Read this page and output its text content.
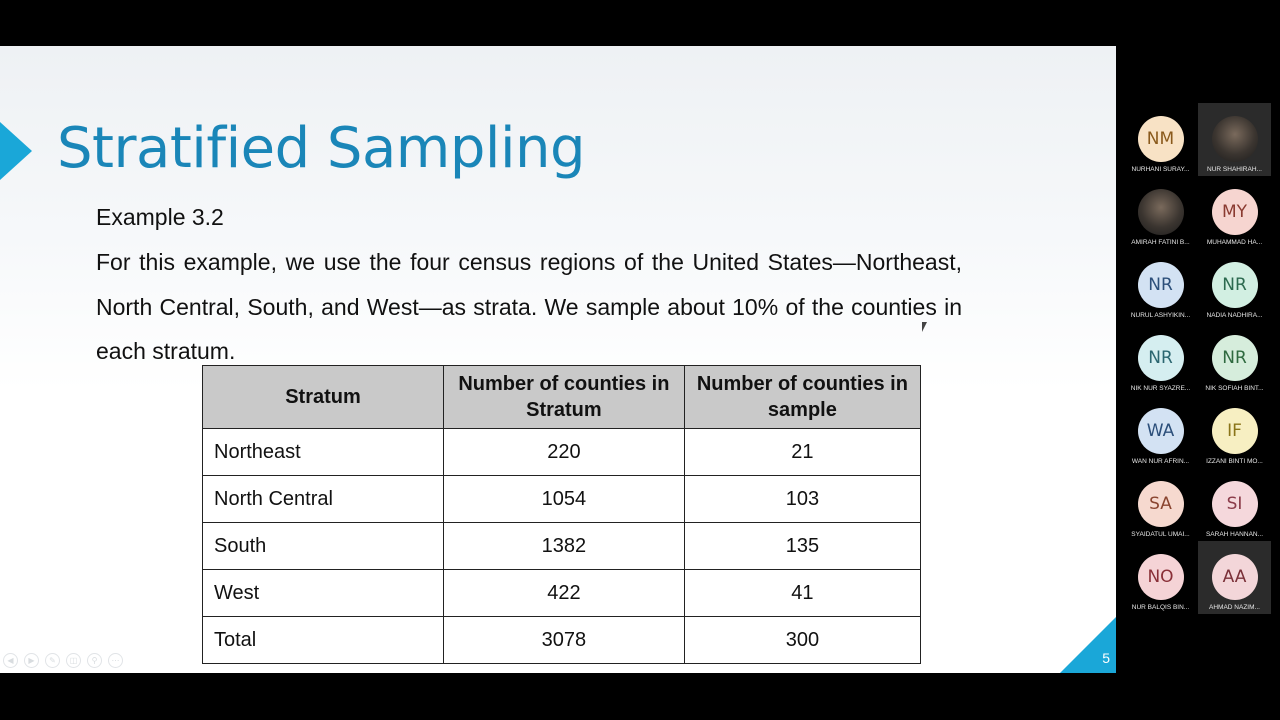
Stratified Sampling
Example 3.2
For this example, we use the four census regions of the United States—Northeast, North Central, South, and West—as strata. We sample about 10% of the counties in each stratum.
Stratum	Number of counties in Stratum	Number of counties in sample
Northeast	220	21
North Central	1054	103
South	1382	135
West	422	41
Total	3078	300
◀	▶	✎	◫	⚲	⋯	5
NM
NURHANI SURAY...	NUR SHAHIRAH...
AMIRAH FATINI B...
MY
MUHAMMAD HA...
NR
NURUL ASHYIKIN...
NR
NADIA NADHIRA...
NR
NIK NUR SYAZRE...
NR
NIK SOFIAH BINT...
WA
WAN NUR AFRIN...
IF
IZZANI BINTI MO...
SA
SYAIDATUL UMAI...
SI
SARAH HANNAN...
NO
NUR BALQIS BIN...
AA
AHMAD NAZIM...
